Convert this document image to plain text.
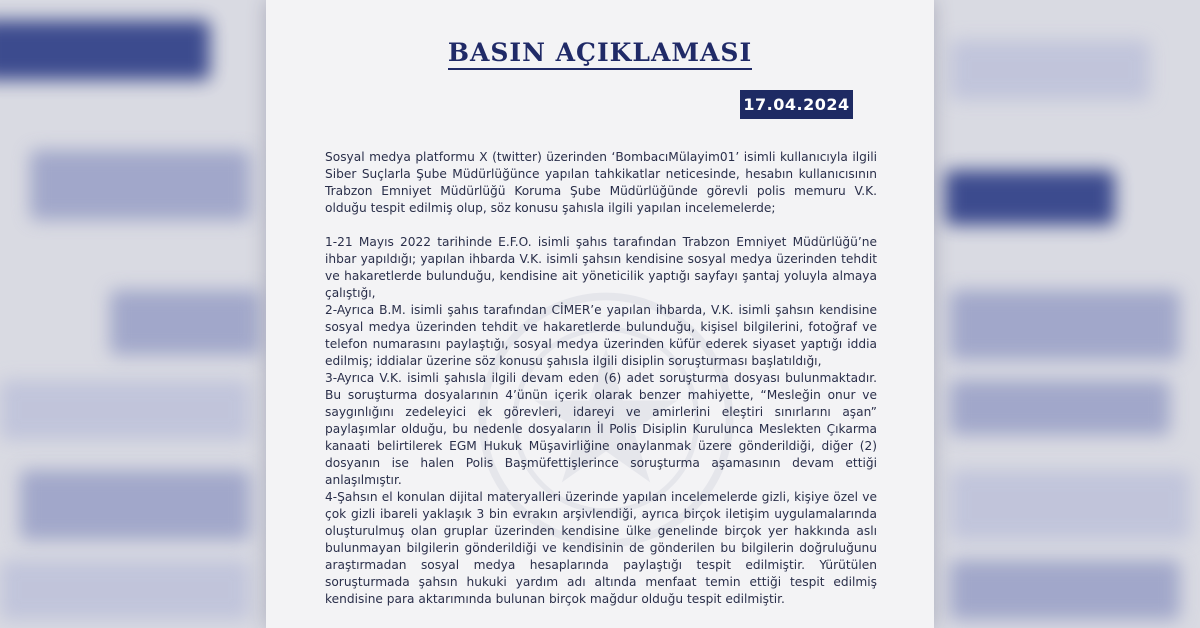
BASIN AÇIKLAMASI
17.04.2024

Sosyal medya platformu X (twitter) üzerinden ‘BombacıMülayim01’ isimli kullanıcıyla ilgili Siber Suçlarla Şube Müdürlüğünce yapılan tahkikatlar neticesinde, hesabın kullanıcısının Trabzon Emniyet Müdürlüğü Koruma Şube Müdürlüğünde görevli polis memuru V.K. olduğu tespit edilmiş olup, söz konusu şahısla ilgili yapılan incelemelerde;

1-21 Mayıs 2022 tarihinde E.F.O. isimli şahıs tarafından Trabzon Emniyet Müdürlüğü’ne ihbar yapıldığı; yapılan ihbarda V.K. isimli şahsın kendisine sosyal medya üzerinden tehdit ve hakaretlerde bulunduğu, kendisine ait yöneticilik yaptığı sayfayı şantaj yoluyla almaya çalıştığı,

2-Ayrıca B.M. isimli şahıs tarafından CİMER’e yapılan ihbarda, V.K. isimli şahsın kendisine sosyal medya üzerinden tehdit ve hakaretlerde bulunduğu, kişisel bilgilerini, fotoğraf ve telefon numarasını paylaştığı, sosyal medya üzerinden küfür ederek siyaset yaptığı iddia edilmiş; iddialar üzerine söz konusu şahısla ilgili disiplin soruşturması başlatıldığı,

3-Ayrıca V.K. isimli şahısla ilgili devam eden (6) adet soruşturma dosyası bulunmaktadır. Bu soruşturma dosyalarının 4’ünün içerik olarak benzer mahiyette, “Mesleğin onur ve saygınlığını zedeleyici ek görevleri, idareyi ve amirlerini eleştiri sınırlarını aşan” paylaşımlar olduğu, bu nedenle dosyaların İl Polis Disiplin Kurulunca Meslekten Çıkarma kanaati belirtilerek EGM Hukuk Müşavirliğine onaylanmak üzere gönderildiği, diğer (2) dosyanın ise halen Polis Başmüfettişlerince soruşturma aşamasının devam ettiği anlaşılmıştır.

4-Şahsın el konulan dijital materyalleri üzerinde yapılan incelemelerde gizli, kişiye özel ve çok gizli ibareli yaklaşık 3 bin evrakın arşivlendiği, ayrıca birçok iletişim uygulamalarında oluşturulmuş olan gruplar üzerinden kendisine ülke genelinde birçok yer hakkında aslı bulunmayan bilgilerin gönderildiği ve kendisinin de gönderilen bu bilgilerin doğruluğunu araştırmadan sosyal medya hesaplarında paylaştığı tespit edilmiştir. Yürütülen soruşturmada şahsın hukuki yardım adı altında menfaat temin ettiği tespit edilmiş kendisine para aktarımında bulunan birçok mağdur olduğu tespit edilmiştir.
